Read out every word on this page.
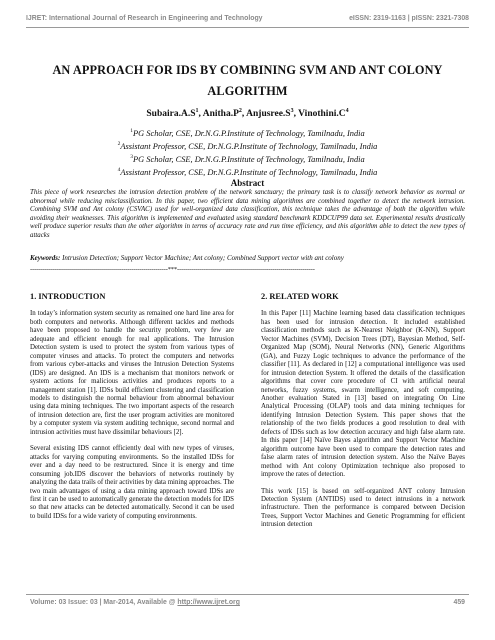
IJRET: International Journal of Research in Engineering and Technology	eISSN: 2319-1163 | pISSN: 2321-7308
AN APPROACH FOR IDS BY COMBINING SVM AND ANT COLONY ALGORITHM
$Subaira.A.S^1$, $Anitha.P^2$, $Anjusree.S^3$, $Vinothini.C^4$
$^1$PG Scholar, CSE, Dr.N.G.P.Institute of Technology, Tamilnadu, India
$^2$Assistant Professor, CSE, Dr.N.G.P.Institute of Technology, Tamilnadu, India
$^3$PG Scholar, CSE, Dr.N.G.P.Institute of Technology, Tamilnadu, India
$^4$Assistant Professor, CSE, Dr.N.G.P.Institute of Technology, Tamilnadu, India
Abstract
This piece of work researches the intrusion detection problem of the network sanctuary; the primary task is to classify network behavior as normal or abnormal while reducing misclassification. In this paper, two efficient data mining algorithms are combined together to detect the network intrusion. Combining SVM and Ant colony (CSVAC) used for well-organized data classification, this technique takes the advantage of both the algorithm while avoiding their weaknesses. This algorithm is implemented and evaluated using standard benchmark KDDCUP99 data set. Experimental results drastically well produce superior results than the other algorithm in terms of accuracy rate and run time efficiency, and this algorithm able to detect the new types of attacks
Keywords: Intrusion Detection; Support Vector Machine; Ant colony; Combined Support vector with ant colony
---------------------------------------------------------------------***---------------------------------------------------------------------
1. INTRODUCTION

In today’s information system security as remained one hard line area for both computers and networks. Although different tackles and methods have been proposed to handle the security problem, very few are adequate and efficient enough for real applications. The Intrusion Detection system is used to protect the system from various types of computer viruses and attacks. To protect the computers and networks from various cyber-attacks and viruses the Intrusion Detection Systems (IDS) are designed. An IDS is a mechanism that monitors network or system actions for malicious activities and produces reports to a management station [1]. IDSs build efficient clustering and classification models to distinguish the normal behaviour from abnormal behaviour using data mining techniques. The two important aspects of the research of intrusion detection are, first the user program activities are monitored by a computer system via system auditing technique, second normal and intrusion activities must have dissimilar behaviours [2].

Several existing IDS cannot efficiently deal with new types of viruses, attacks for varying computing environments. So the installed IDSs for ever and a day need to be restructured. Since it is energy and time consuming job.IDS discover the behaviors of networks routinely by analyzing the data trails of their activities by data mining approaches. The two main advantages of using a data mining approach toward IDSs are first it can be used to automatically generate the detection models for IDS so that new attacks can be detected automatically. Second it can be used to build IDSs for a wide variety of computing environments.

2. RELATED WORK

In this Paper [11] Machine learning based data classification techniques has been used for intrusion detection. It included established classification methods such as K-Nearest Neighbor (K-NN), Support Vector Machines (SVM), Decision Trees (DT), Bayesian Method, Self-Organized Map (SOM), Neural Networks (NN), Generic Algorithms (GA), and Fuzzy Logic techniques to advance the performance of the classifier [11]. As declared in [12] a computational intelligence was used for intrusion detection System. It offered the details of the classification algorithms that cover core procedure of CI with artificial neural networks, fuzzy systems, swarm intelligence, and soft computing. Another evaluation Stated in [13] based on integrating On Line Analytical Processing (OLAP) tools and data mining techniques for identifying Intrusion Detection System. This paper shows that the relationship of the two fields produces a good resolution to deal with defects of IDSs such as low detection accuracy and high false alarm rate. In this paper [14] Naïve Bayes algorithm and Support Vector Machine algorithm outcome have been used to compare the detection rates and false alarm rates of intrusion detection system. Also the Naïve Bayes method with Ant colony Optimization technique also proposed to improve the rates of detection.

This work [15] is based on self-organized ANT colony Intrusion Detection System (ANTIDS) used to detect intrusions in a network infrastructure. Then the performance is compared between Decision Trees, Support Vector Machines and Genetic Programming for efficient intrusion detection

Volume: 03 Issue: 03 | Mar-2014, Available @ http://www.ijret.org	459
